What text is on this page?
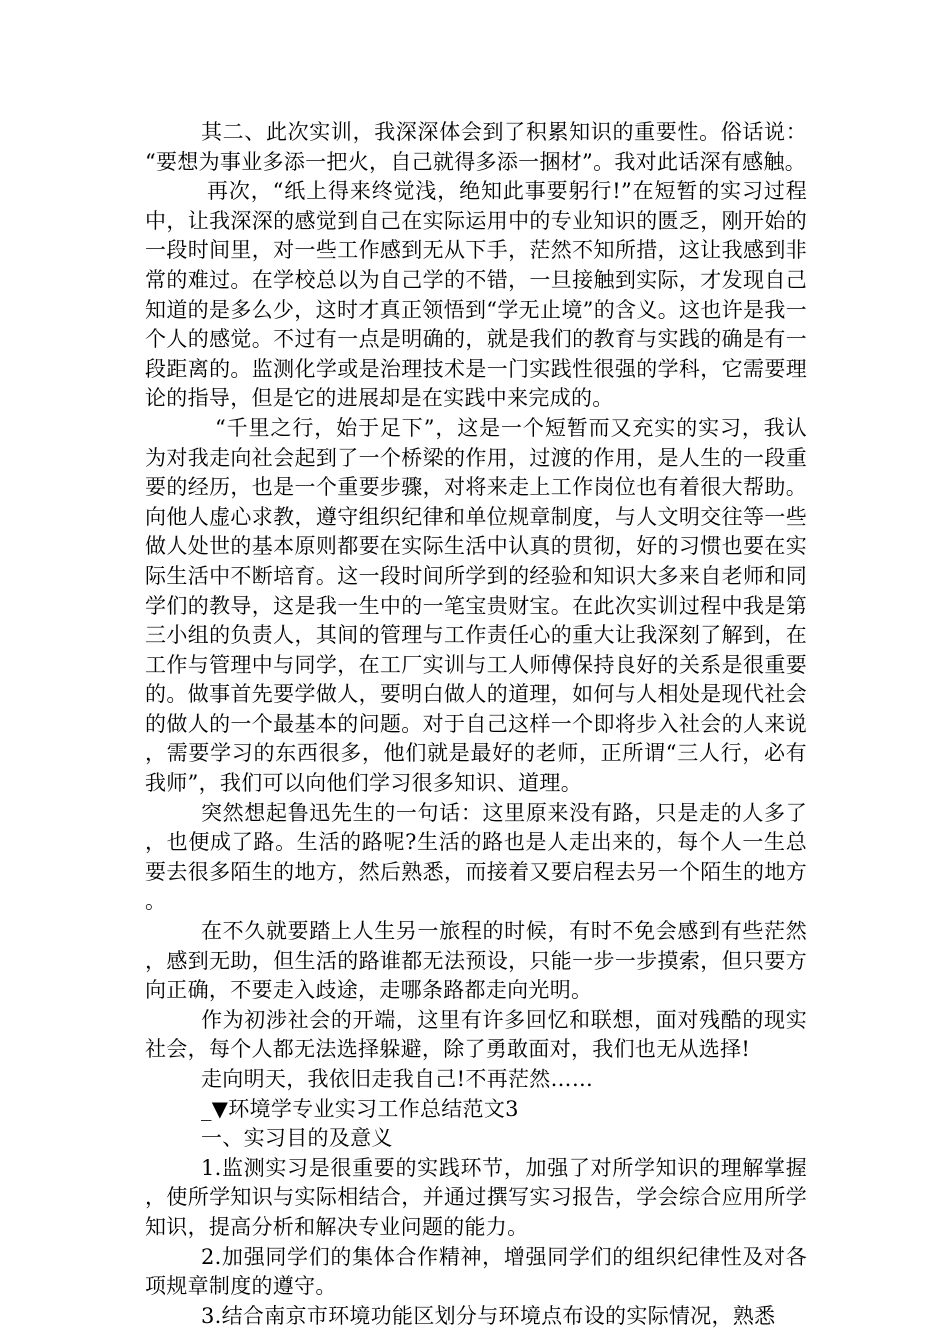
其二、此次实训，我深深体会到了积累知识的重要性。俗话说：“要想为事业多添一把火，自己就得多添一捆材”。我对此话深有感触。

再次，“纸上得来终觉浅，绝知此事要躬行!”在短暂的实习过程中，让我深深的感觉到自己在实际运用中的专业知识的匮乏，刚开始的一段时间里，对一些工作感到无从下手，茫然不知所措，这让我感到非常的难过。在学校总以为自己学的不错，一旦接触到实际，才发现自己知道的是多么少，这时才真正领悟到“学无止境”的含义。这也许是我一个人的感觉。不过有一点是明确的，就是我们的教育与实践的确是有一段距离的。监测化学或是治理技术是一门实践性很强的学科，它需要理论的指导，但是它的进展却是在实践中来完成的。

“千里之行，始于足下”，这是一个短暂而又充实的实习，我认为对我走向社会起到了一个桥梁的作用，过渡的作用，是人生的一段重要的经历，也是一个重要步骤，对将来走上工作岗位也有着很大帮助。向他人虚心求教，遵守组织纪律和单位规章制度，与人文明交往等一些做人处世的基本原则都要在实际生活中认真的贯彻，好的习惯也要在实际生活中不断培育。这一段时间所学到的经验和知识大多来自老师和同学们的教导，这是我一生中的一笔宝贵财宝。在此次实训过程中我是第三小组的负责人，其间的管理与工作责任心的重大让我深刻了解到，在工作与管理中与同学，在工厂实训与工人师傅保持良好的关系是很重要的。做事首先要学做人，要明白做人的道理，如何与人相处是现代社会的做人的一个最基本的问题。对于自己这样一个即将步入社会的人来说，需要学习的东西很多，他们就是最好的老师，正所谓“三人行，必有我师”，我们可以向他们学习很多知识、道理。

突然想起鲁迅先生的一句话：这里原来没有路，只是走的人多了，也便成了路。生活的路呢?生活的路也是人走出来的，每个人一生总要去很多陌生的地方，然后熟悉，而接着又要启程去另一个陌生的地方。

在不久就要踏上人生另一旅程的时候，有时不免会感到有些茫然，感到无助，但生活的路谁都无法预设，只能一步一步摸索，但只要方向正确，不要走入歧途，走哪条路都走向光明。

作为初涉社会的开端，这里有许多回忆和联想，面对残酷的现实社会，每个人都无法选择躲避，除了勇敢面对，我们也无从选择!

走向明天，我依旧走我自己!不再茫然……

_▼环境学专业实习工作总结范文3

一、实习目的及意义

1.监测实习是很重要的实践环节，加强了对所学知识的理解掌握，使所学知识与实际相结合，并通过撰写实习报告，学会综合应用所学知识，提高分析和解决专业问题的能力。

2.加强同学们的集体合作精神，增强同学们的组织纪律性及对各项规章制度的遵守。

3.结合南京市环境功能区划分与环境点布设的实际情况，熟悉
